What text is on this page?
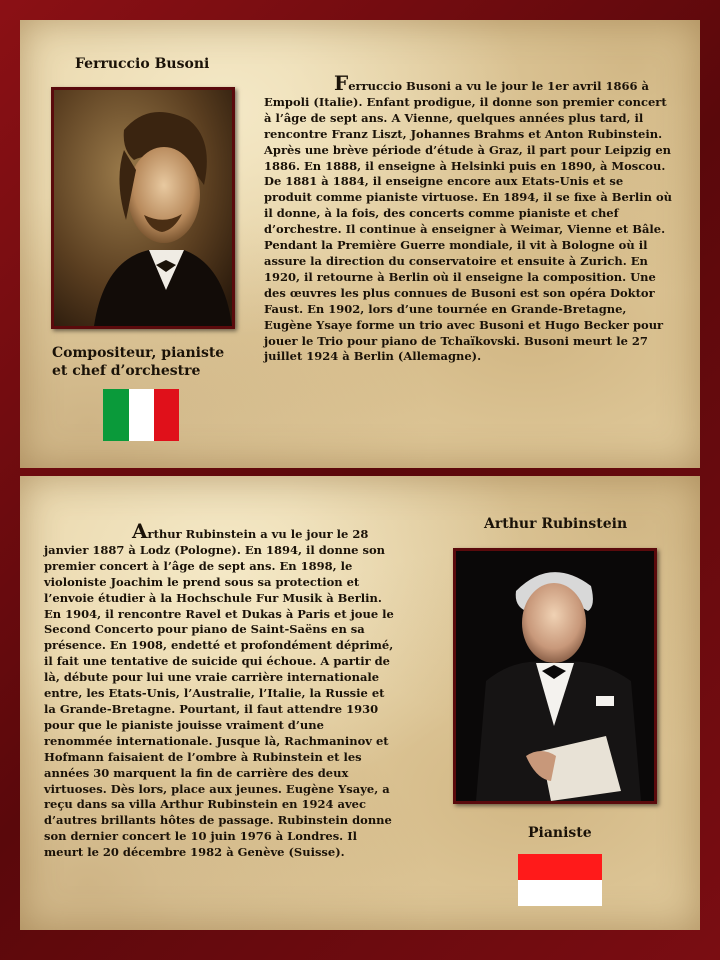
Ferruccio Busoni

Ferruccio Busoni a vu le jour le 1er avril 1866 à Empoli (Italie). Enfant prodigue, il donne son premier concert à l’âge de sept ans. A Vienne, quelques années plus tard, il rencontre Franz Liszt, Johannes Brahms et Anton Rubinstein. Après une brève période d’étude à Graz, il part pour Leipzig en 1886. En 1888, il enseigne à Helsinki puis en 1890, à Moscou. De 1881 à 1884, il enseigne encore aux Etats-Unis et se produit comme pianiste virtuose. En 1894, il se fixe à Berlin où il donne, à la fois, des concerts comme pianiste et chef d’orchestre. Il continue à enseigner à Weimar, Vienne et Bâle. Pendant la Première Guerre mondiale, il vit à Bologne où il assure la direction du conservatoire et ensuite à Zurich. En 1920, il retourne à Berlin où il enseigne la composition. Une des œuvres les plus connues de Busoni est son opéra Doktor Faust. En 1902, lors d’une tournée en Grande-Bretagne, Eugène Ysaye forme un trio avec Busoni et Hugo Becker pour jouer le Trio pour piano de Tchaïkovski. Busoni meurt le 27 juillet 1924 à Berlin (Allemagne).

Compositeur, pianiste
et chef d’orchestre

Arthur Rubinstein

Arthur Rubinstein a vu le jour le 28 janvier 1887 à Lodz (Pologne). En 1894, il donne son premier concert à l’âge de sept ans. En 1898, le violoniste Joachim le prend sous sa protection et l’envoie étudier à la Hochschule Fur Musik à Berlin. En 1904, il rencontre Ravel et Dukas à Paris et joue le Second Concerto pour piano de Saint-Saëns en sa présence. En 1908, endetté et profondément déprimé, il fait une tentative de suicide qui échoue. A partir de là, débute pour lui une vraie carrière internationale entre, les Etats-Unis, l’Australie, l’Italie, la Russie et la Grande-Bretagne. Pourtant, il faut attendre 1930 pour que le pianiste jouisse vraiment d’une renommée internationale. Jusque là, Rachmaninov et Hofmann faisaient de l’ombre à Rubinstein et les années 30 marquent la fin de carrière des deux virtuoses. Dès lors, place aux jeunes. Eugène Ysaye, a reçu dans sa villa Arthur Rubinstein en 1924 avec d’autres brillants hôtes de passage. Rubinstein donne son dernier concert le 10 juin 1976 à Londres. Il meurt le 20 décembre 1982 à Genève (Suisse).

Pianiste
